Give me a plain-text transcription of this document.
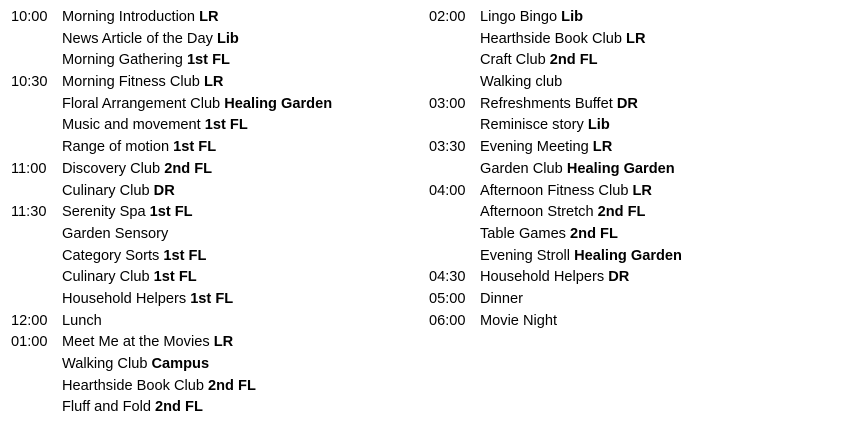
10:00 Morning Introduction LR
News Article of the Day Lib
Morning Gathering 1st FL
10:30 Morning Fitness Club LR
Floral Arrangement Club Healing Garden
Music and movement 1st FL
Range of motion 1st FL
11:00	Discovery Club 2nd FL
Culinary Club DR
11:30	Serenity Spa 1st FL
Garden Sensory
Category Sorts 1st FL
Culinary Club 1st FL
Household Helpers 1st FL
12:00 Lunch
01:00 Meet Me at the Movies LR
Walking Club Campus
Hearthside Book Club 2nd FL
Fluff and Fold 2nd FL
02:00 Lingo Bingo Lib
Hearthside Book Club LR
Craft Club 2nd FL
Walking club
03:00 Refreshments Buffet DR
Reminisce story Lib
03:30 Evening Meeting LR
Garden Club Healing Garden
04:00 Afternoon Fitness Club LR
Afternoon Stretch 2nd FL
Table Games 2nd FL
Evening Stroll Healing Garden
04:30 Household Helpers DR
05:00 Dinner
06:00 Movie Night
